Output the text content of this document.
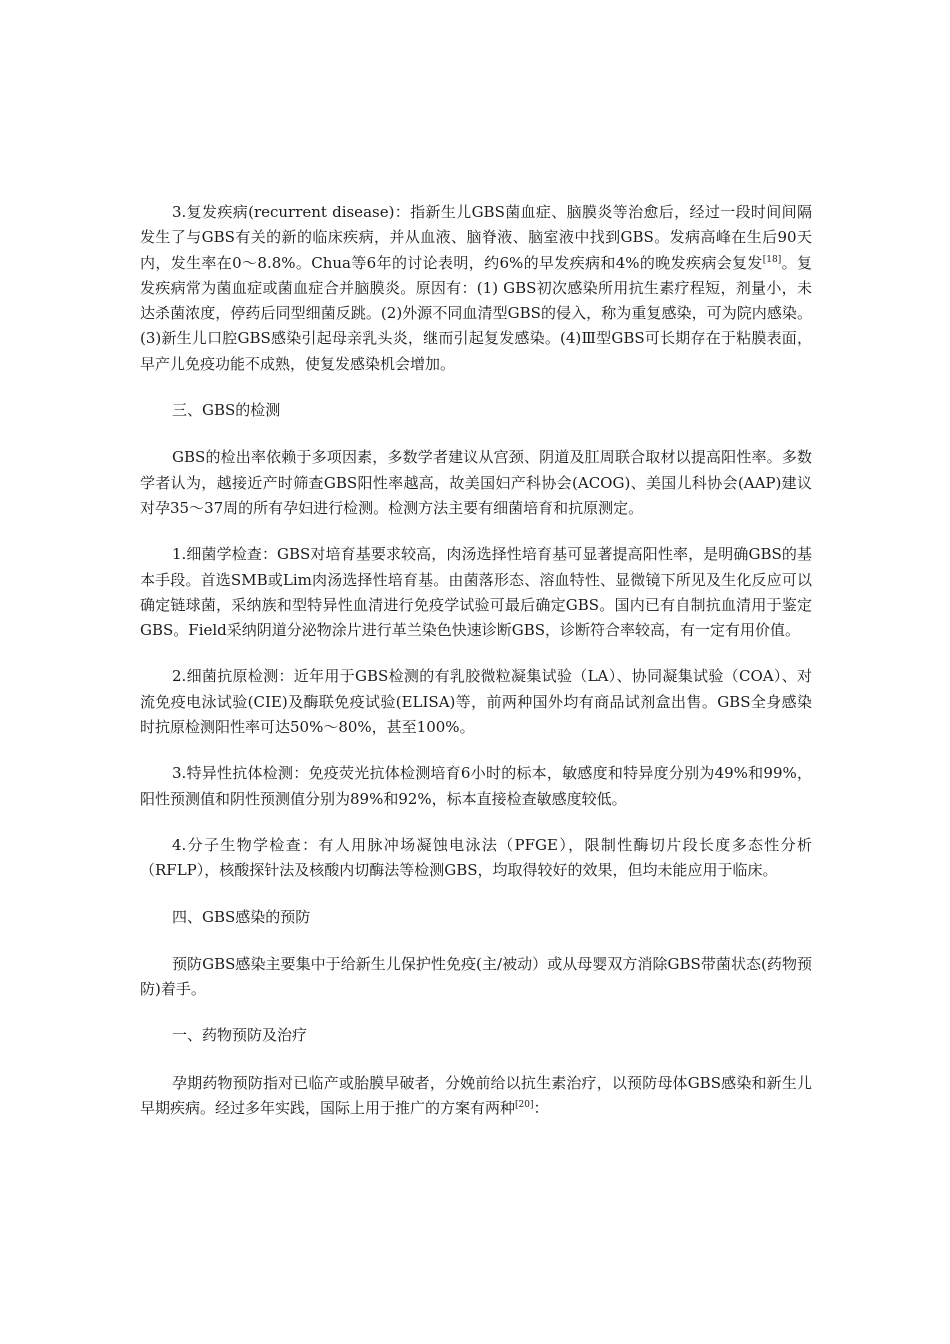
3.复发疾病(recurrent disease)：指新生儿GBS菌血症、脑膜炎等治愈后，经过一段时间间隔发生了与GBS有关的新的临床疾病，并从血液、脑脊液、脑室液中找到GBS。发病高峰在生后90天内，发生率在0～8.8%。Chua等6年的讨论表明，约6%的早发疾病和4%的晚发疾病会复发[18]。复发疾病常为菌血症或菌血症合并脑膜炎。原因有：(1) GBS初次感染所用抗生素疗程短，剂量小，未达杀菌浓度，停药后同型细菌反跳。(2)外源不同血清型GBS的侵入，称为重复感染，可为院内感染。(3)新生儿口腔GBS感染引起母亲乳头炎，继而引起复发感染。(4)Ⅲ型GBS可长期存在于粘膜表面，早产儿免疫功能不成熟，使复发感染机会增加。

三、GBS的检测

GBS的检出率依赖于多项因素，多数学者建议从宫颈、阴道及肛周联合取材以提高阳性率。多数学者认为，越接近产时筛查GBS阳性率越高，故美国妇产科协会(ACOG)、美国儿科协会(AAP)建议对孕35～37周的所有孕妇进行检测。检测方法主要有细菌培育和抗原测定。

1.细菌学检查：GBS对培育基要求较高，肉汤选择性培育基可显著提高阳性率，是明确GBS的基本手段。首选SMB或Lim肉汤选择性培育基。由菌落形态、溶血特性、显微镜下所见及生化反应可以确定链球菌，采纳族和型特异性血清进行免疫学试验可最后确定GBS。国内已有自制抗血清用于鉴定GBS。Field采纳阴道分泌物涂片进行革兰染色快速诊断GBS，诊断符合率较高，有一定有用价值。

2.细菌抗原检测：近年用于GBS检测的有乳胶微粒凝集试验（LA）、协同凝集试验（COA）、对流免疫电泳试验(CIE)及酶联免疫试验(ELISA)等，前两种国外均有商品试剂盒出售。GBS全身感染时抗原检测阳性率可达50%～80%，甚至100%。

3.特异性抗体检测：免疫荧光抗体检测培育6小时的标本，敏感度和特异度分别为49%和99%，阳性预测值和阴性预测值分别为89%和92%，标本直接检查敏感度较低。

4.分子生物学检查：有人用脉冲场凝蚀电泳法（PFGE），限制性酶切片段长度多态性分析（RFLP），核酸探针法及核酸内切酶法等检测GBS，均取得较好的效果，但均未能应用于临床。

四、GBS感染的预防

预防GBS感染主要集中于给新生儿保护性免疫(主/被动）或从母婴双方消除GBS带菌状态(药物预防)着手。

一、药物预防及治疗

孕期药物预防指对已临产或胎膜早破者，分娩前给以抗生素治疗，以预防母体GBS感染和新生儿早期疾病。经过多年实践，国际上用于推广的方案有两种[20]：
